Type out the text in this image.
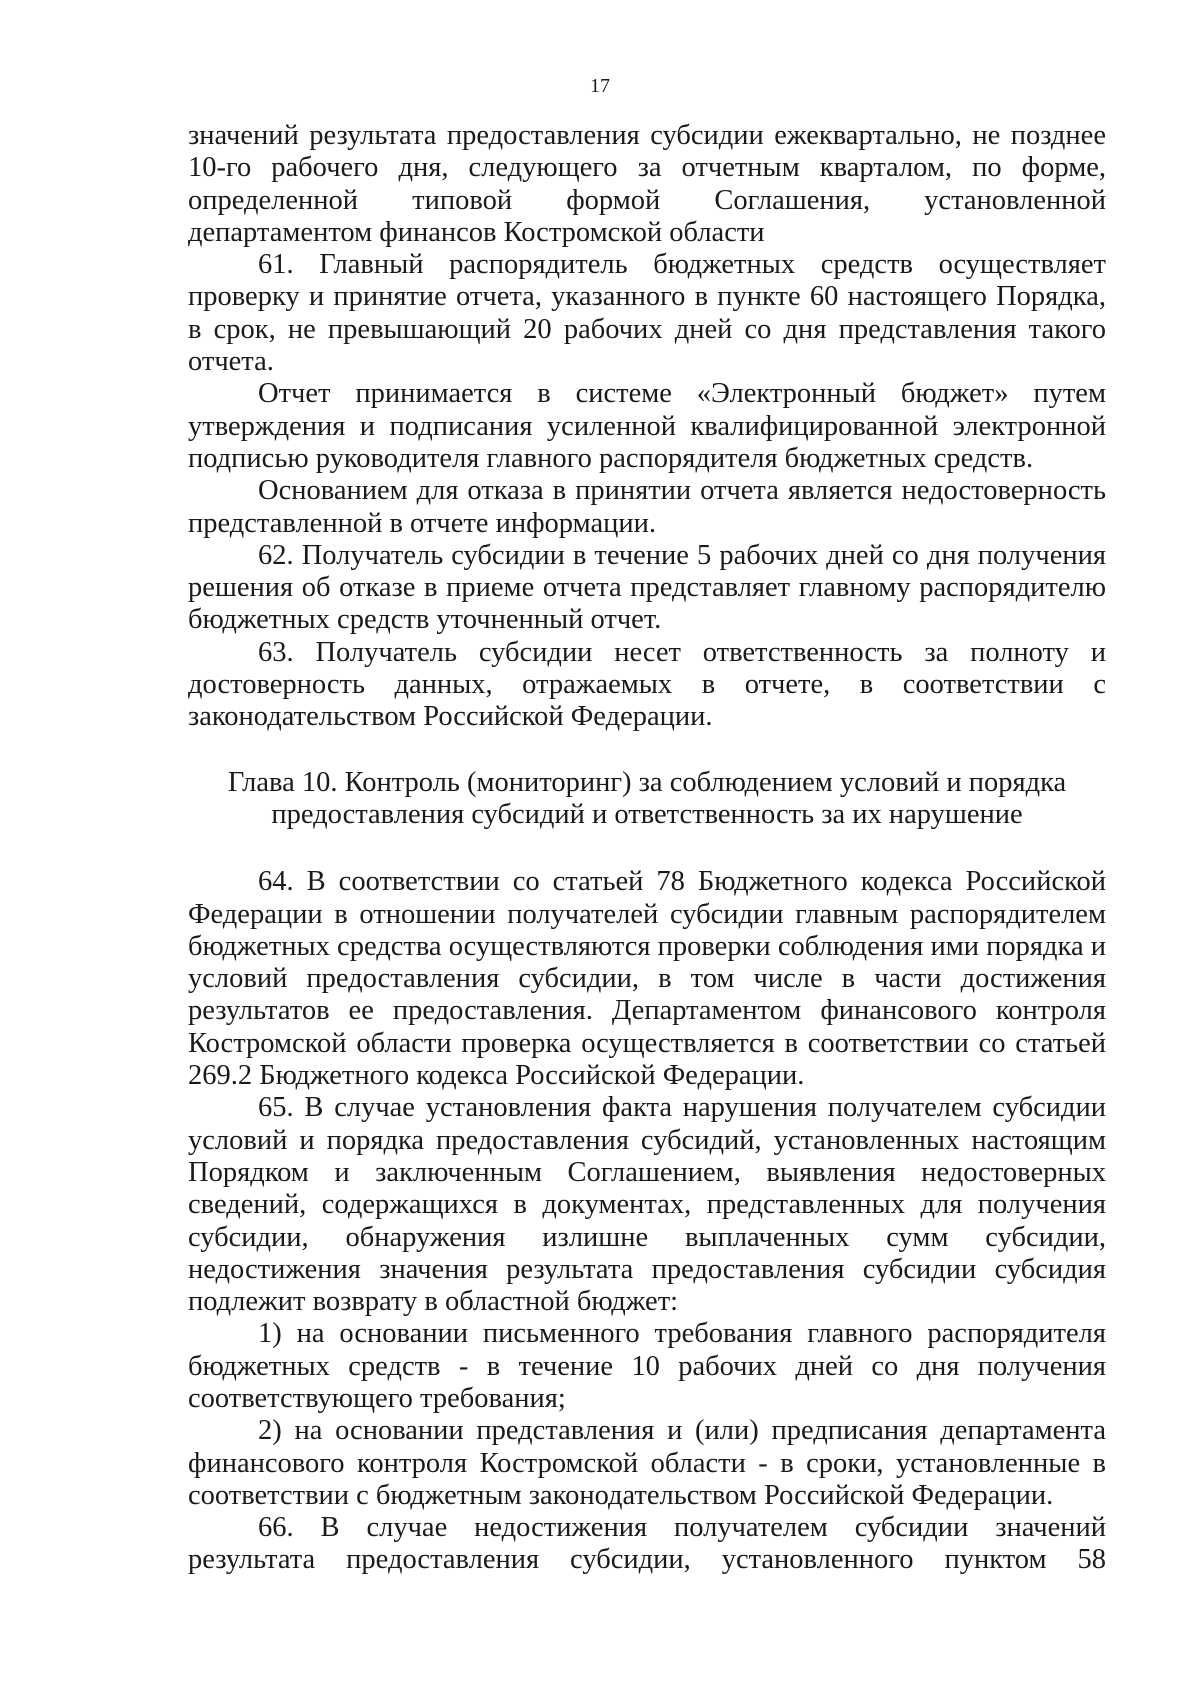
17

значений результата предоставления субсидии ежеквартально, не позднее 10-го рабочего дня, следующего за отчетным кварталом, по форме, определенной типовой формой Соглашения, установленной департаментом финансов Костромской области

61. Главный распорядитель бюджетных средств осуществляет проверку и принятие отчета, указанного в пункте 60 настоящего Порядка, в срок, не превышающий 20 рабочих дней со дня представления такого отчета.

Отчет принимается в системе «Электронный бюджет» путем утверждения и подписания усиленной квалифицированной электронной подписью руководителя главного распорядителя бюджетных средств.

Основанием для отказа в принятии отчета является недостоверность представленной в отчете информации.

62. Получатель субсидии в течение 5 рабочих дней со дня получения решения об отказе в приеме отчета представляет главному распорядителю бюджетных средств уточненный отчет.

63. Получатель субсидии несет ответственность за полноту и достоверность данных, отражаемых в отчете, в соответствии с законодательством Российской Федерации.

Глава 10. Контроль (мониторинг) за соблюдением условий и порядка
предоставления субсидий и ответственность за их нарушение

64. В соответствии со статьей 78 Бюджетного кодекса Российской Федерации в отношении получателей субсидии главным распорядителем бюджетных средства осуществляются проверки соблюдения ими порядка и условий предоставления субсидии, в том числе в части достижения результатов ее предоставления. Департаментом финансового контроля Костромской области проверка осуществляется в соответствии со статьей 269.2 Бюджетного кодекса Российской Федерации.

65. В случае установления факта нарушения получателем субсидии условий и порядка предоставления субсидий, установленных настоящим Порядком и заключенным Соглашением, выявления недостоверных сведений, содержащихся в документах, представленных для получения субсидии, обнаружения излишне выплаченных сумм субсидии, недостижения значения результата предоставления субсидии субсидия подлежит возврату в областной бюджет:

1) на основании письменного требования главного распорядителя бюджетных средств - в течение 10 рабочих дней со дня получения соответствующего требования;

2) на основании представления и (или) предписания департамента финансового контроля Костромской области - в сроки, установленные в соответствии с бюджетным законодательством Российской Федерации.

66. В случае недостижения получателем субсидии значений результата предоставления субсидии, установленного пунктом 58
